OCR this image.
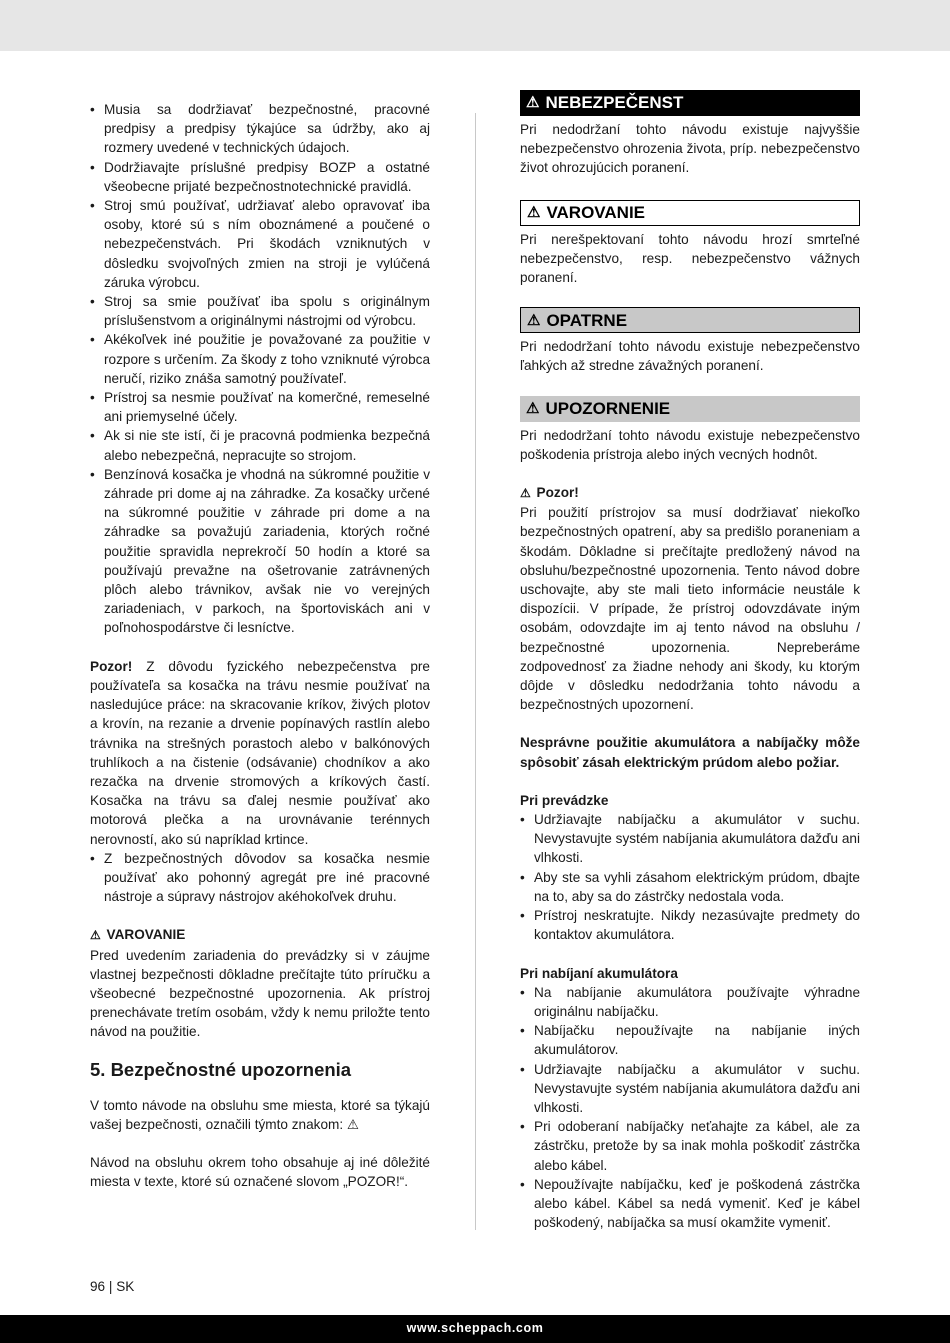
• Musia sa dodržiavať bezpečnostné, pracovné predpisy a predpisy týkajúce sa údržby, ako aj rozmery uvedené v technických údajoch.
• Dodržiavajte príslušné predpisy BOZP a ostatné všeobecne prijaté bezpečnostnotechnické pravidlá.
• Stroj smú používať, udržiavať alebo opravovať iba osoby, ktoré sú s ním oboznámené a poučené o nebezpečenstvách. Pri škodách vzniknutých v dôsledku svojvoľných zmien na stroji je vylúčená záruka výrobcu.
• Stroj sa smie používať iba spolu s originálnym príslušenstvom a originálnymi nástrojmi od výrobcu.
• Akékoľvek iné použitie je považované za použitie v rozpore s určením. Za škody z toho vzniknuté výrobca neručí, riziko znáša samotný používateľ.
• Prístroj sa nesmie používať na komerčné, remeselné ani priemyselné účely.
• Ak si nie ste istí, či je pracovná podmienka bezpečná alebo nebezpečná, nepracujte so strojom.
• Benzínová kosačka je vhodná na súkromné použitie v záhrade pri dome aj na záhradke. Za kosačky určené na súkromné použitie v záhrade pri dome a na záhradke sa považujú zariadenia, ktorých ročné použitie spravidla neprekročí 50 hodín a ktoré sa používajú prevažne na ošetrovanie zatrávnených plôch alebo trávnikov, avšak nie vo verejných zariadeniach, v parkoch, na športoviskách ani v poľnohospodárstve či lesníctve.

Pozor! Z dôvodu fyzického nebezpečenstva pre používateľa sa kosačka na trávu nesmie používať na nasledujúce práce: na skracovanie kríkov, živých plotov a krovín, na rezanie a drvenie popínavých rastlín alebo trávnika na strešných porastoch alebo v balkónových truhlíkoch a na čistenie (odsávanie) chodníkov a ako rezačka na drvenie stromových a kríkových častí. Kosačka na trávu sa ďalej nesmie používať ako motorová plečka a na urovnávanie terénnych nerovností, ako sú napríklad krtince.

• Z bezpečnostných dôvodov sa kosačka nesmie používať ako pohonný agregát pre iné pracovné nástroje a súpravy nástrojov akéhokoľvek druhu.
⚠ VAROVANIE

Pred uvedením zariadenia do prevádzky si v záujme vlastnej bezpečnosti dôkladne prečítajte túto príručku a všeobecné bezpečnostné upozornenia. Ak prístroj prenechávate tretím osobám, vždy k nemu priložte tento návod na použitie.

5. Bezpečnostné upozornenia

V tomto návode na obsluhu sme miesta, ktoré sa týkajú vašej bezpečnosti, označili týmto znakom: ⚠

Návod na obsluhu okrem toho obsahuje aj iné dôležité miesta v texte, ktoré sú označené slovom „POZOR!“.

⚠ NEBEZPEČENST

Pri nedodržaní tohto návodu existuje najvyššie nebezpečenstvo ohrozenia života, príp. nebezpečenstvo život ohrozujúcich poranení.

⚠ VAROVANIE

Pri nerešpektovaní tohto návodu hrozí smrteľné nebezpečenstvo, resp. nebezpečenstvo vážnych poranení.

⚠ OPATRNE

Pri nedodržaní tohto návodu existuje nebezpečenstvo ľahkých až stredne závažných poranení.

⚠ UPOZORNENIE

Pri nedodržaní tohto návodu existuje nebezpečenstvo poškodenia prístroja alebo iných vecných hodnôt.

⚠ Pozor!

Pri použití prístrojov sa musí dodržiavať niekoľko bezpečnostných opatrení, aby sa predišlo poraneniam a škodám. Dôkladne si prečítajte predložený návod na obsluhu/bezpečnostné upozornenia. Tento návod dobre uschovajte, aby ste mali tieto informácie neustále k dispozícii. V prípade, že prístroj odovzdávate iným osobám, odovzdajte im aj tento návod na obsluhu / bezpečnostné upozornenia. Nepreberáme zodpovednosť za žiadne nehody ani škody, ku ktorým dôjde v dôsledku nedodržania tohto návodu a bezpečnostných upozornení.

Nesprávne použitie akumulátora a nabíjačky môže spôsobiť zásah elektrickým prúdom alebo požiar.

Pri prevádzke
• Udržiavajte nabíjačku a akumulátor v suchu. Nevystavujte systém nabíjania akumulátora dažďu ani vlhkosti.
• Aby ste sa vyhli zásahom elektrickým prúdom, dbajte na to, aby sa do zástrčky nedostala voda.
• Prístroj neskratujte. Nikdy nezasúvajte predmety do kontaktov akumulátora.
Pri nabíjaní akumulátora
• Na nabíjanie akumulátora používajte výhradne originálnu nabíjačku.
• Nabíjačku nepoužívajte na nabíjanie iných akumulátorov.
• Udržiavajte nabíjačku a akumulátor v suchu. Nevystavujte systém nabíjania akumulátora dažďu ani vlhkosti.
• Pri odoberaní nabíjačky neťahajte za kábel, ale za zástrčku, pretože by sa inak mohla poškodiť zástrčka alebo kábel.
• Nepoužívajte nabíjačku, keď je poškodená zástrčka alebo kábel. Kábel sa nedá vymeniť. Keď je kábel poškodený, nabíjačka sa musí okamžite vymeniť.
96 | SK
www.scheppach.com
